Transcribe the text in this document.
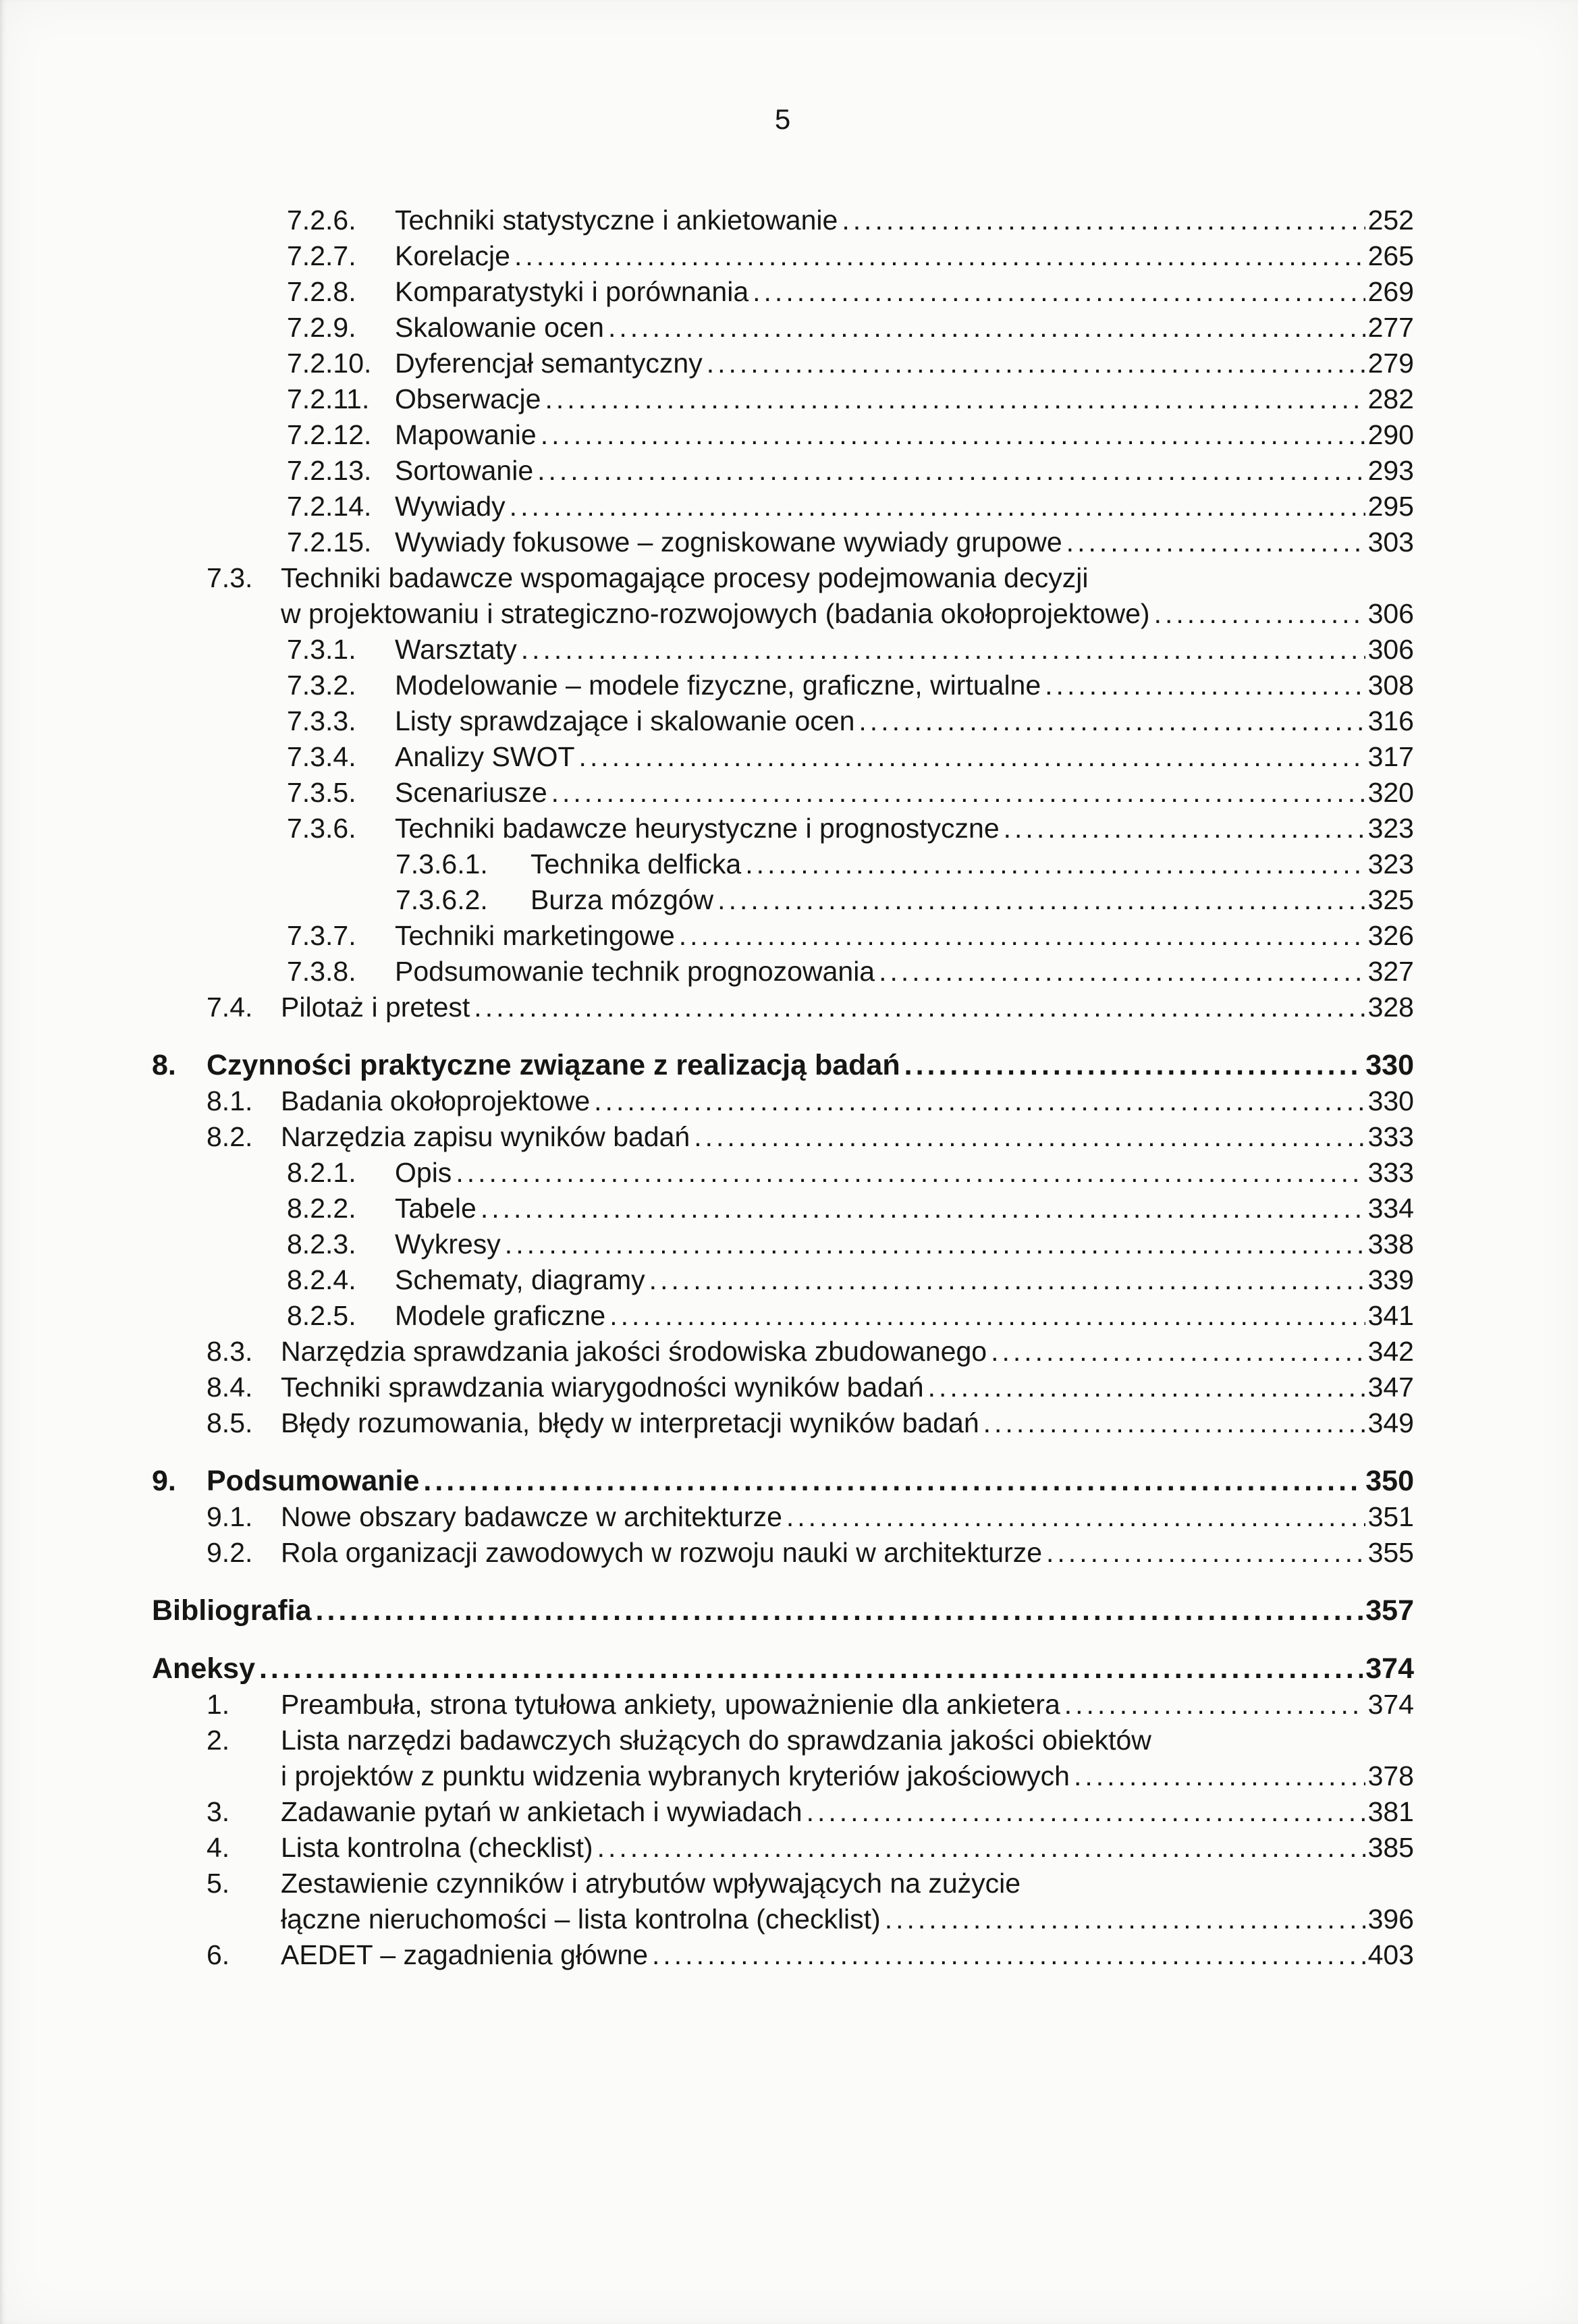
5
7.2.6.	Techniki statystyczne i ankietowanie .....	252
7.2.7.	Korelacje .....	265
7.2.8.	Komparatystyki i porównania .....	269
7.2.9.	Skalowanie ocen .....	277
7.2.10. Dyferencjał semantyczny .....	279
7.2.11. Obserwacje .....	282
7.2.12. Mapowanie .....	290
7.2.13. Sortowanie .....	293
7.2.14. Wywiady .....	295
7.2.15. Wywiady fokusowe – zogniskowane wywiady grupowe .....	303
7.3.	Techniki badawcze wspomagające procesy podejmowania decyzji
w projektowaniu i strategiczno-rozwojowych (badania okołoprojektowe) .....	306
7.3.1.	Warsztaty .....	306
7.3.2.	Modelowanie – modele fizyczne, graficzne, wirtualne .....	308
7.3.3.	Listy sprawdzające i skalowanie ocen .....	316
7.3.4.	Analizy SWOT .....	317
7.3.5.	Scenariusze .....	320
7.3.6.	Techniki badawcze heurystyczne i prognostyczne .....	323
7.3.6.1.	Technika delficka .....	323
7.3.6.2.	Burza mózgów .....	325
7.3.7.	Techniki marketingowe .....	326
7.3.8.	Podsumowanie technik prognozowania .....	327
7.4.	Pilotaż i pretest .....	328
8.	Czynności praktyczne związane z realizacją badań .....	330
8.1.	Badania okołoprojektowe .....	330
8.2.	Narzędzia zapisu wyników badań .....	333
8.2.1.	Opis .....	333
8.2.2.	Tabele .....	334
8.2.3.	Wykresy .....	338
8.2.4.	Schematy, diagramy .....	339
8.2.5.	Modele graficzne .....	341
8.3.	Narzędzia sprawdzania jakości środowiska zbudowanego .....	342
8.4.	Techniki sprawdzania wiarygodności wyników badań .....	347
8.5.	Błędy rozumowania, błędy w interpretacji wyników badań .....	349
9.	Podsumowanie .....	350
9.1.	Nowe obszary badawcze w architekturze .....	351
9.2.	Rola organizacji zawodowych w rozwoju nauki w architekturze .....	355
Bibliografia .....	357
Aneksy .....	374
1.	Preambuła, strona tytułowa ankiety, upoważnienie dla ankietera .....	374
2.	Lista narzędzi badawczych służących do sprawdzania jakości obiektów
i projektów z punktu widzenia wybranych kryteriów jakościowych .....	378
3.	Zadawanie pytań w ankietach i wywiadach .....	381
4.	Lista kontrolna (checklist) .....	385
5.	Zestawienie czynników i atrybutów wpływających na zużycie
łączne nieruchomości – lista kontrolna (checklist) .....	396
6.	AEDET – zagadnienia główne .....	403
